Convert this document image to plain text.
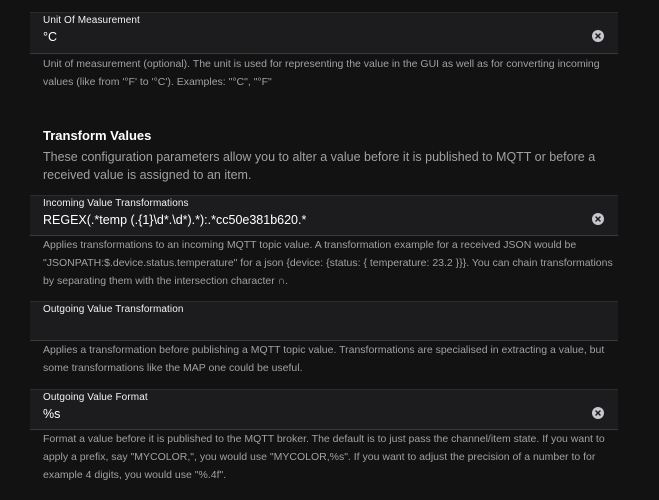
Unit Of Measurement
°C
Unit of measurement (optional). The unit is used for representing the value in the GUI as well as for converting incoming values (like from '°F' to '°C'). Examples: "°C", "°F"
Transform Values
These configuration parameters allow you to alter a value before it is published to MQTT or before a received value is assigned to an item.
Incoming Value Transformations
REGEX(.*temp (.{1}\d*.\d*).*):.*cc50e381b620.*
Applies transformations to an incoming MQTT topic value. A transformation example for a received JSON would be "JSONPATH:$.device.status.temperature" for a json {device: {status: { temperature: 23.2 }}}. You can chain transformations by separating them with the intersection character ∩.
Outgoing Value Transformation
Applies a transformation before publishing a MQTT topic value. Transformations are specialised in extracting a value, but some transformations like the MAP one could be useful.
Outgoing Value Format
%s
Format a value before it is published to the MQTT broker. The default is to just pass the channel/item state. If you want to apply a prefix, say "MYCOLOR,", you would use "MYCOLOR,%s". If you want to adjust the precision of a number to for example 4 digits, you would use "%.4f".
